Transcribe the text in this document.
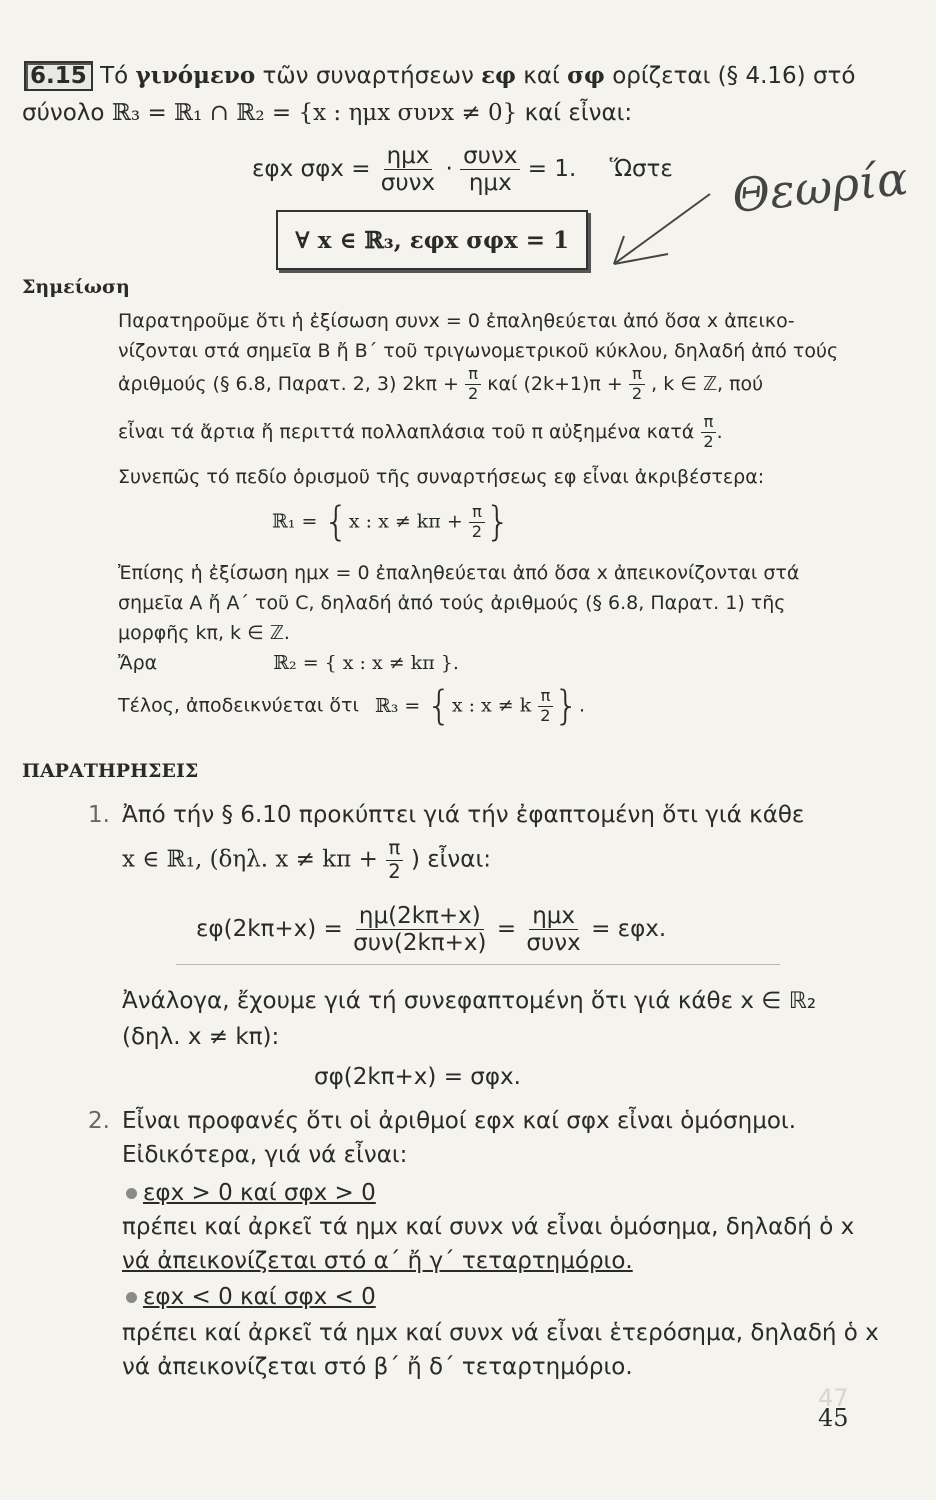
6.15 Τό γινόμενο τῶν συναρτήσεων εφ καί σφ ορίζεται (§ 4.16) στό
σύνολο ℝ₃ = ℝ₁ ∩ ℝ₂ = {x : ημx συνx ≠ 0} καί εἶναι:
εφx $\sigma\varphi x = \frac{\text{ημx}}{\text{συνx}} \cdot \frac{\text{συνx}}{\text{ημx}} = 1$. Ὥστε
∀ x ∈ ℝ₃, εφx σφx = 1
Θεωρία
Σημείωση
Παρατηροῦμε ὅτι ἡ ἐξίσωση συνx = 0 ἐπαληθεύεται ἀπό ὅσα x ἀπεικο-
νίζονται στά σημεῖα Β ἤ Β΄ τοῦ τριγωνομετρικοῦ κύκλου, δηλαδή ἀπό τούς
ἀριθμούς (§ 6.8, Παρατ. 2, 3) $2k\pi + \frac{\pi}{2}$ καί $(2k+1)\pi + \frac{\pi}{2}$ , k ∈ ℤ, πού
εἶναι τά ἄρτια ἤ περιττά πολλαπλάσια τοῦ π αὐξημένα κατά $\frac{\pi}{2}$ .
Συνεπῶς τό πεδίο ὁρισμοῦ τῆς συναρτήσεως εφ εἶναι ἀκριβέστερα:
ℝ₁ = {x : $x \ne k\pi + \frac{\pi}{2}$ }
Ἐπίσης ἡ ἐξίσωση ημx = 0 ἐπαληθεύεται ἀπό ὅσα x ἀπεικονίζονται στά
σημεῖα Α ἤ Α΄ τοῦ C, δηλαδή ἀπό τούς ἀριθμούς (§ 6.8, Παρατ. 1) τῆς
μορφῆς kπ, k ∈ ℤ.
Ἄρα	ℝ₂ = { x : x ≠ kπ }.
Τέλος, ἀποδεικνύεται ὅτι ℝ₃ = {x : x ≠ k $\frac{\pi}{2}$ }.
ΠΑΡΑΤΗΡΗΣΕΙΣ
1. Ἀπό τήν § 6.10 προκύπτει γιά τήν ἐφαπτομένη ὅτι γιά κάθε
x ∈ ℝ₁, (δηλ. $x \ne k\pi + \frac{\pi}{2}$ ) εἶναι:
$\varepsilon\varphi(2k\pi+x) = \frac{\eta\mu(2k\pi+x)}{\text{συν(2kπ+x)}} = \frac{\text{ημx}}{\text{συνx}} = \varepsilon\varphi x$.
Ἀνάλογα, ἔχουμε γιά τή συνεφαπτομένη ὅτι γιά κάθε x ∈ ℝ₂
(δηλ. x ≠ kπ):
σφ(2kπ+x) = σφx.
2. Εἶναι προφανές ὅτι οἱ ἀριθμοί εφx καί σφx εἶναι ὁμόσημοι.
Εἰδικότερα, γιά νά εἶναι:
εφx > 0 καί σφx > 0
πρέπει καί ἀρκεῖ τά ημx καί συνx νά εἶναι ὁμόσημα, δηλαδή ὁ x
νά ἀπεικονίζεται στό α΄ ἤ γ΄ τεταρτημόριο.
εφx < 0 καί σφx < 0
πρέπει καί ἀρκεῖ τά ημx καί συνx νά εἶναι ἑτερόσημα, δηλαδή ὁ x
νά ἀπεικονίζεται στό β΄ ἤ δ΄ τεταρτημόριο.
47
45
